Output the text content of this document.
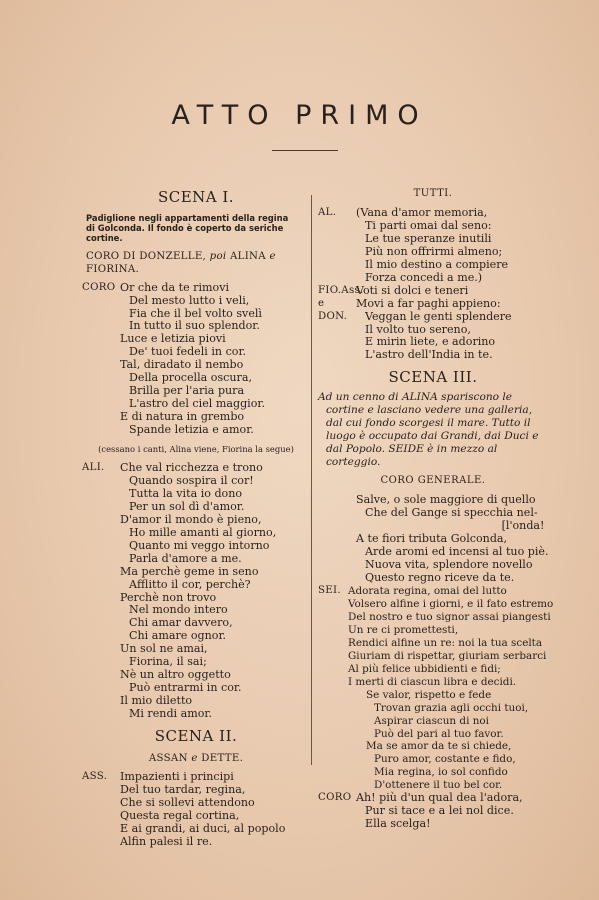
ATTO PRIMO
SCENA I.
Padiglione negli appartamenti della regina
di Golconda. Il fondo è coperto da seriche
cortine.
CORO DI DONZELLE, poi ALINA e FIORINA.
CORO Or che da te rimovi
Del mesto lutto i veli,
Fia che il bel volto svelì
In tutto il suo splendor.
Luce e letizia piovi
De' tuoi fedeli in cor.
Tal, diradato il nembo
Della procella oscura,
Brilla per l'aria pura
L'astro del ciel maggior.
E di natura in grembo
Spande letizia e amor.
(cessano i canti, Alina viene, Fiorina la segue)
ALI.	Che val ricchezza e trono
Quando sospira il cor!
Tutta la vita io dono
Per un sol dì d'amor.
D'amor il mondo è pieno,
Ho mille amanti al giorno,
Quanto mi veggo intorno
Parla d'amore a me.
Ma perchè geme in seno
Afflitto il cor, perchè?
Perchè non trovo
Nel mondo intero
Chi amar davvero,
Chi amare ognor.
Un sol ne amai,
Fiorina, il sai;
Nè un altro oggetto
Può entrarmi in cor.
Il mio diletto
Mi rendi amor.
SCENA II.
ASSAN e DETTE.
ASS.	Impazienti i principi
Del tuo tardar, regina,
Che si sollevi attendono
Questa regal cortina,
E ai grandi, ai duci, al popolo
Alfin palesi il re.
TUTTI.
AL.	(Vana d'amor memoria,
Ti parti omai dal seno:
Le tue speranze inutili
Più non offrirmi almeno;
Il mio destino a compiere
Forza concedi a me.)
FIO.Ass.
Voti si dolci e teneri
e DON.
Movi a far paghi appieno:
Veggan le genti splendere
Il volto tuo sereno,
E mirin liete, e adorino
L'astro dell'India in te.
SCENA III.
Ad un cenno di ALINA spariscono le cortine e lasciano vedere una galleria, dal cui fondo scorgesi il mare. Tutto il luogo è occupato dai Grandi, dai Duci e dal Popolo. SEIDE è in mezzo al corteggio.
CORO GENERALE.
Salve, o sole maggiore di quello
Che del Gange si specchia nel-
[l'onda!
A te fiori tributa Golconda,
Arde aromi ed incensi al tuo piè.
Nuova vita, splendore novello
Questo regno riceve da te.
SEI. Adorata regina, omai del lutto
Volsero alfine i giorni, e il fato estremo
Del nostro e tuo signor assai piangesti
Un re ci promettesti,
Rendici alfine un re: noi la tua scelta
Giuriam di rispettar, giuriam serbarci
Al più felice ubbidienti e fidi;
I merti di ciascun libra e decidi.
Se valor, rispetto e fede
Trovan grazia agli occhi tuoi,
Aspirar ciascun di noi
Può del pari al tuo favor.
Ma se amor da te si chiede,
Puro amor, costante e fido,
Mia regina, io sol confido
D'ottenere il tuo bel cor.
CORO Ah! più d'un qual dea l'adora,
Pur si tace e a lei nol dice.
Ella scelga!
